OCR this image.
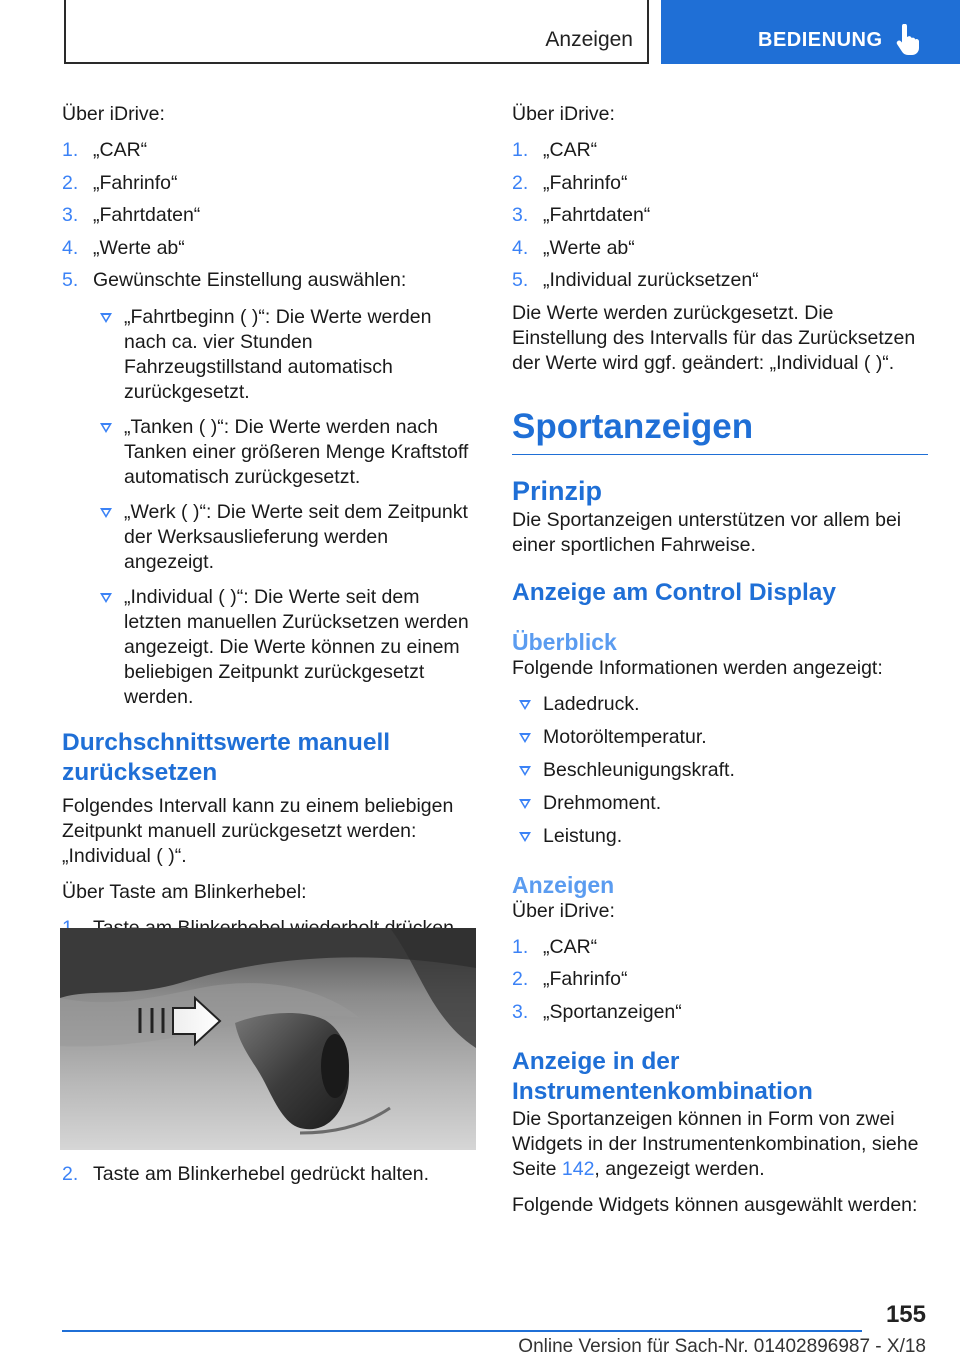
Anzeigen	BEDIENUNG

Über iDrive:

1. „CAR“
2. „Fahrinfo“
3. „Fahrtdaten“
4. „Werte ab“
5. Gewünschte Einstellung auswählen:
„Fahrtbeginn ( )“: Die Werte werden nach ca. vier Stunden Fahrzeugstillstand automatisch zurückgesetzt.
„Tanken ( )“: Die Werte werden nach Tanken einer größeren Menge Kraftstoff automatisch zurückgesetzt.
„Werk ( )“: Die Werte seit dem Zeitpunkt der Werksauslieferung werden angezeigt.
„Individual ( )“: Die Werte seit dem letzten manuellen Zurücksetzen werden angezeigt. Die Werte können zu einem beliebigen Zeitpunkt zurückgesetzt werden.
Durchschnittswerte manuell zurücksetzen

Folgendes Intervall kann zu einem beliebigen Zeitpunkt manuell zurückgesetzt werden: „Individual ( )“.

Über Taste am Blinkerhebel:

2. Taste am Blinkerhebel gedrückt halten.

Über iDrive:

1. „CAR“
2. „Fahrinfo“
3. „Fahrtdaten“
4. „Werte ab“
5. „Individual zurücksetzen“

Die Werte werden zurückgesetzt. Die Einstellung des Intervalls für das Zurücksetzen der Werte wird ggf. geändert: „Individual ( )“.

Sportanzeigen
Prinzip

Die Sportanzeigen unterstützen vor allem bei einer sportlichen Fahrweise.

Anzeige am Control Display
Überblick

Folgende Informationen werden angezeigt:

Ladedruck.
Motoröltemperatur.
Beschleunigungskraft.
Drehmoment.
Leistung.
Anzeigen

Über iDrive:

1. „CAR“
2. „Fahrinfo“
3. „Sportanzeigen“
Anzeige in der Instrumentenkombination

Die Sportanzeigen können in Form von zwei Widgets in der Instrumentenkombination, siehe Seite 142, angezeigt werden.

Folgende Widgets können ausgewählt werden:

155
Online Version für Sach-Nr. 01402896987 - X/18
